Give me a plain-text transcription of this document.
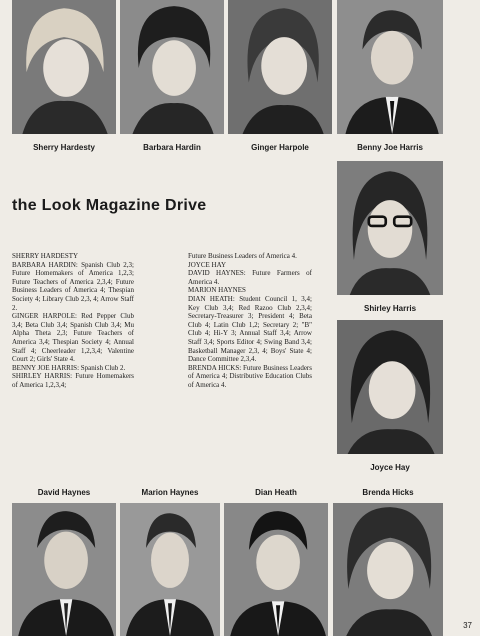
Sherry Hardesty	Barbara Hardin	Ginger Harpole	Benny Joe Harris
the Look Magazine Drive
Shirley Harris
Joyce Hay

SHERRY HARDESTY

BARBARA HARDIN: Spanish Club 2,3; Future Homemakers of America 1,2,3; Future Teachers of America 2,3,4; Future Business Leaders of America 4; Thespian Society 4; Library Club 2,3, 4; Arrow Staff 2.

GINGER HARPOLE: Red Pepper Club 3,4; Beta Club 3,4; Spanish Club 3,4; Mu Alpha Theta 2,3; Future Teachers of America 3,4; Thespian Society 4; Annual Staff 4; Cheerleader 1,2,3,4; Valentine Court 2; Girls' State 4.

BENNY JOE HARRIS: Spanish Club 2.

SHIRLEY HARRIS: Future Homemakers of America 1,2,3,4;

Future Business Leaders of America 4.

JOYCE HAY

DAVID HAYNES: Future Farmers of America 4.

MARION HAYNES

DIAN HEATH: Student Council 1, 3,4; Key Club 3,4; Red Razoo Club 2,3,4; Secretary-Treasurer 3; President 4; Beta Club 4; Latin Club 1,2; Secretary 2; "B" Club 4; Hi-Y 3; Annual Staff 3,4; Arrow Staff 3,4; Sports Editor 4; Swing Band 3,4; Basketball Manager 2,3, 4; Boys' State 4; Dance Committee 2,3,4.

BRENDA HICKS: Future Business Leaders of America 4; Distributive Education Clubs of America 4.

David Haynes	Marion Haynes	Dian Heath	Brenda Hicks
37
